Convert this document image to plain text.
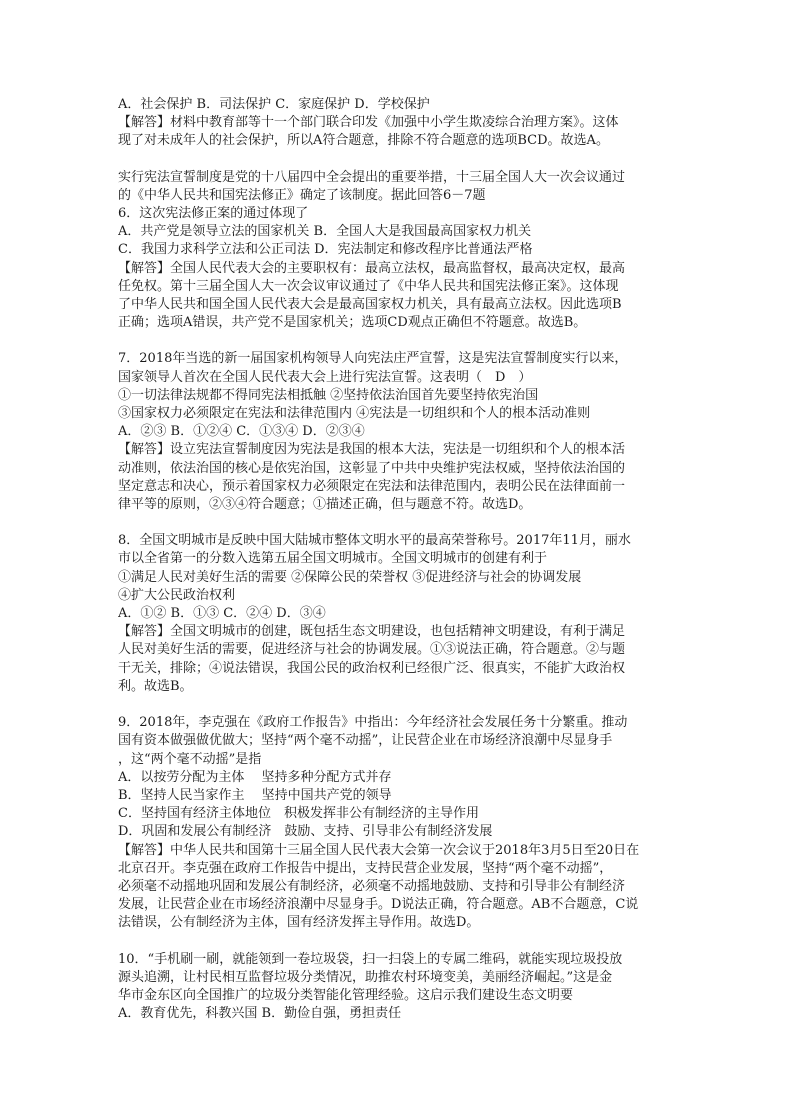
A．社会保护 B．司法保护 C．家庭保护 D．学校保护
【解答】材料中教育部等十一个部门联合印发《加强中小学生欺凌综合治理方案》。这体
现了对未成年人的社会保护，所以A符合题意，排除不符合题意的选项BCD。故选A。
实行宪法宣誓制度是党的十八届四中全会提出的重要举措，十三届全国人大一次会议通过
的《中华人民共和国宪法修正》确定了该制度。据此回答6－7题
6．这次宪法修正案的通过体现了
A．共产党是领导立法的国家机关 B．全国人大是我国最高国家权力机关
C．我国力求科学立法和公正司法 D．宪法制定和修改程序比普通法严格
【解答】全国人民代表大会的主要职权有：最高立法权，最高监督权，最高决定权，最高
任免权。第十三届全国人大一次会议审议通过了《中华人民共和国宪法修正案》。这体现
了中华人民共和国全国人民代表大会是最高国家权力机关，具有最高立法权。因此选项B
正确；选项A错误，共产党不是国家机关；选项CD观点正确但不符题意。故选B。
7．2018年当选的新一届国家机构领导人向宪法庄严宣誓，这是宪法宣誓制度实行以来，
国家领导人首次在全国人民代表大会上进行宪法宣誓。这表明（　D　）
①一切法律法规都不得同宪法相抵触 ②坚持依法治国首先要坚持依宪治国
③国家权力必须限定在宪法和法律范围内 ④宪法是一切组织和个人的根本活动准则
A．②③ B．①②④ C．①③④ D．②③④
【解答】设立宪法宣誓制度因为宪法是我国的根本大法，宪法是一切组织和个人的根本活
动准则，依法治国的核心是依宪治国，这彰显了中共中央维护宪法权威，坚持依法治国的
坚定意志和决心，预示着国家权力必须限定在宪法和法律范围内，表明公民在法律面前一
律平等的原则，②③④符合题意；①描述正确，但与题意不符。故选D。
8．全国文明城市是反映中国大陆城市整体文明水平的最高荣誉称号。2017年11月，丽水
市以全省第一的分数入选第五届全国文明城市。全国文明城市的创建有利于
①满足人民对美好生活的需要 ②保障公民的荣誉权 ③促进经济与社会的协调发展
④扩大公民政治权利
A．①② B．①③ C．②④ D．③④
【解答】全国文明城市的创建，既包括生态文明建设，也包括精神文明建设，有利于满足
人民对美好生活的需要，促进经济与社会的协调发展。①③说法正确，符合题意。②与题
干无关，排除；④说法错误，我国公民的政治权利已经很广泛、很真实，不能扩大政治权
利。故选B。
9．2018年，李克强在《政府工作报告》中指出：今年经济社会发展任务十分繁重。推动
国有资本做强做优做大；坚持“两个毫不动摇”，让民营企业在市场经济浪潮中尽显身手
，这“两个毫不动摇”是指
A．以按劳分配为主体　 坚持多种分配方式并存
B．坚持人民当家作主　 坚持中国共产党的领导
C．坚持国有经济主体地位　积极发挥非公有制经济的主导作用
D．巩固和发展公有制经济　鼓励、支持、引导非公有制经济发展
【解答】中华人民共和国第十三届全国人民代表大会第一次会议于2018年3月5日至20日在
北京召开。李克强在政府工作报告中提出，支持民营企业发展，坚持“两个毫不动摇”，
必须毫不动摇地巩固和发展公有制经济，必须毫不动摇地鼓励、支持和引导非公有制经济
发展，让民营企业在市场经济浪潮中尽显身手。D说法正确，符合题意。AB不合题意，C说
法错误，公有制经济为主体，国有经济发挥主导作用。故选D。
10．“手机刷一刷，就能领到一卷垃圾袋，扫一扫袋上的专属二维码，就能实现垃圾投放
源头追溯，让村民相互监督垃圾分类情况，助推农村环境变美，美丽经济崛起。”这是金
华市金东区向全国推广的垃圾分类智能化管理经验。这启示我们建设生态文明要
A．教育优先，科教兴国 B．勤俭自强，勇担责任
